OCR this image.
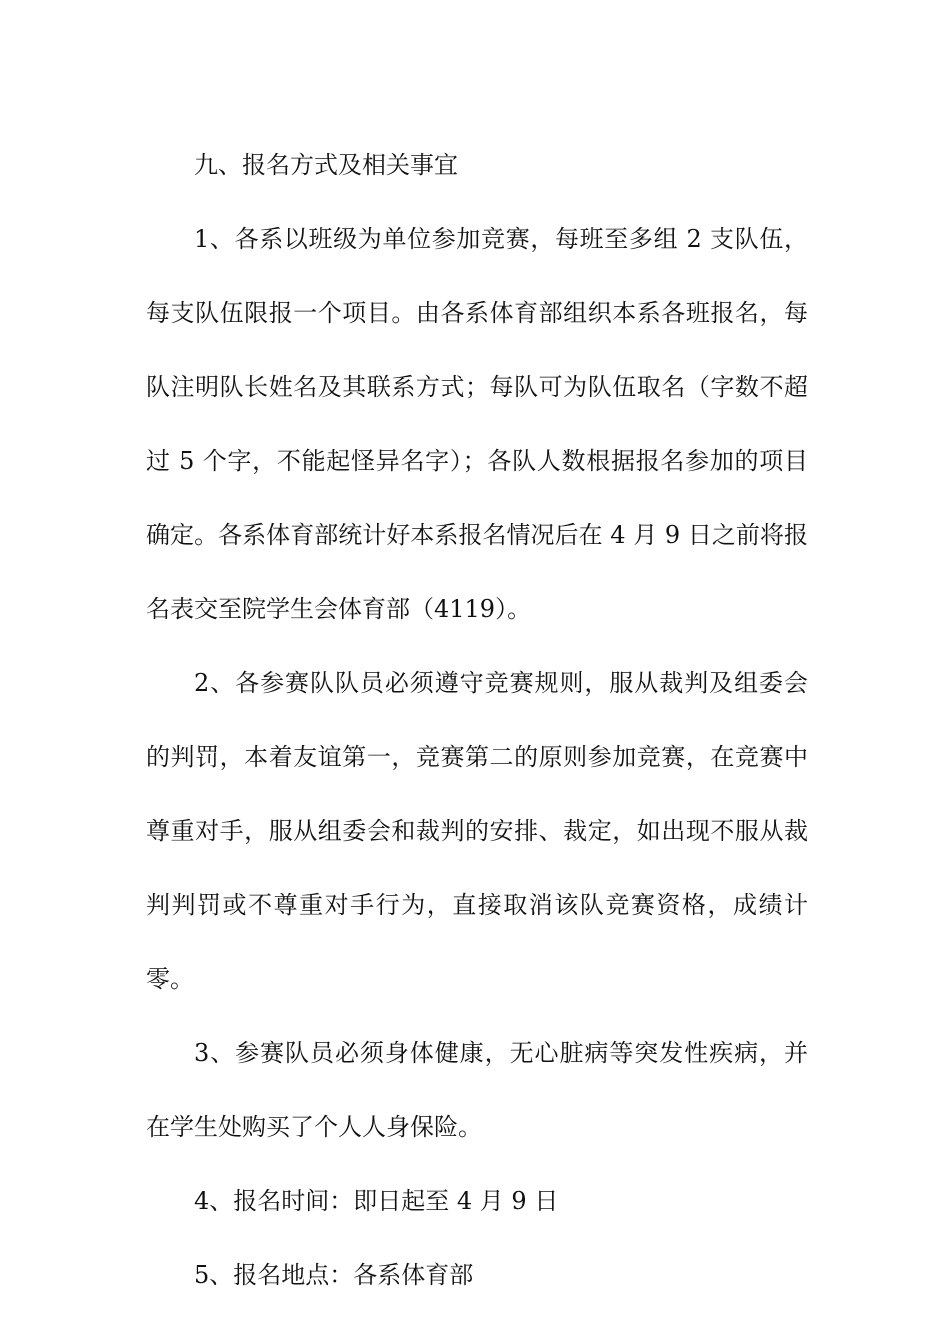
九、报名方式及相关事宜

1、各系以班级为单位参加竞赛，每班至多组 2 支队伍，每支队伍限报一个项目。由各系体育部组织本系各班报名，每队注明队长姓名及其联系方式；每队可为队伍取名（字数不超过 5 个字，不能起怪异名字）；各队人数根据报名参加的项目确定。各系体育部统计好本系报名情况后在 4 月 9 日之前将报名表交至院学生会体育部（4119）。

2、各参赛队队员必须遵守竞赛规则，服从裁判及组委会的判罚，本着友谊第一，竞赛第二的原则参加竞赛，在竞赛中尊重对手，服从组委会和裁判的安排、裁定，如出现不服从裁判判罚或不尊重对手行为，直接取消该队竞赛资格，成绩计零。

3、参赛队员必须身体健康，无心脏病等突发性疾病，并在学生处购买了个人人身保险。

4、报名时间：即日起至 4 月 9 日

5、报名地点：各系体育部
